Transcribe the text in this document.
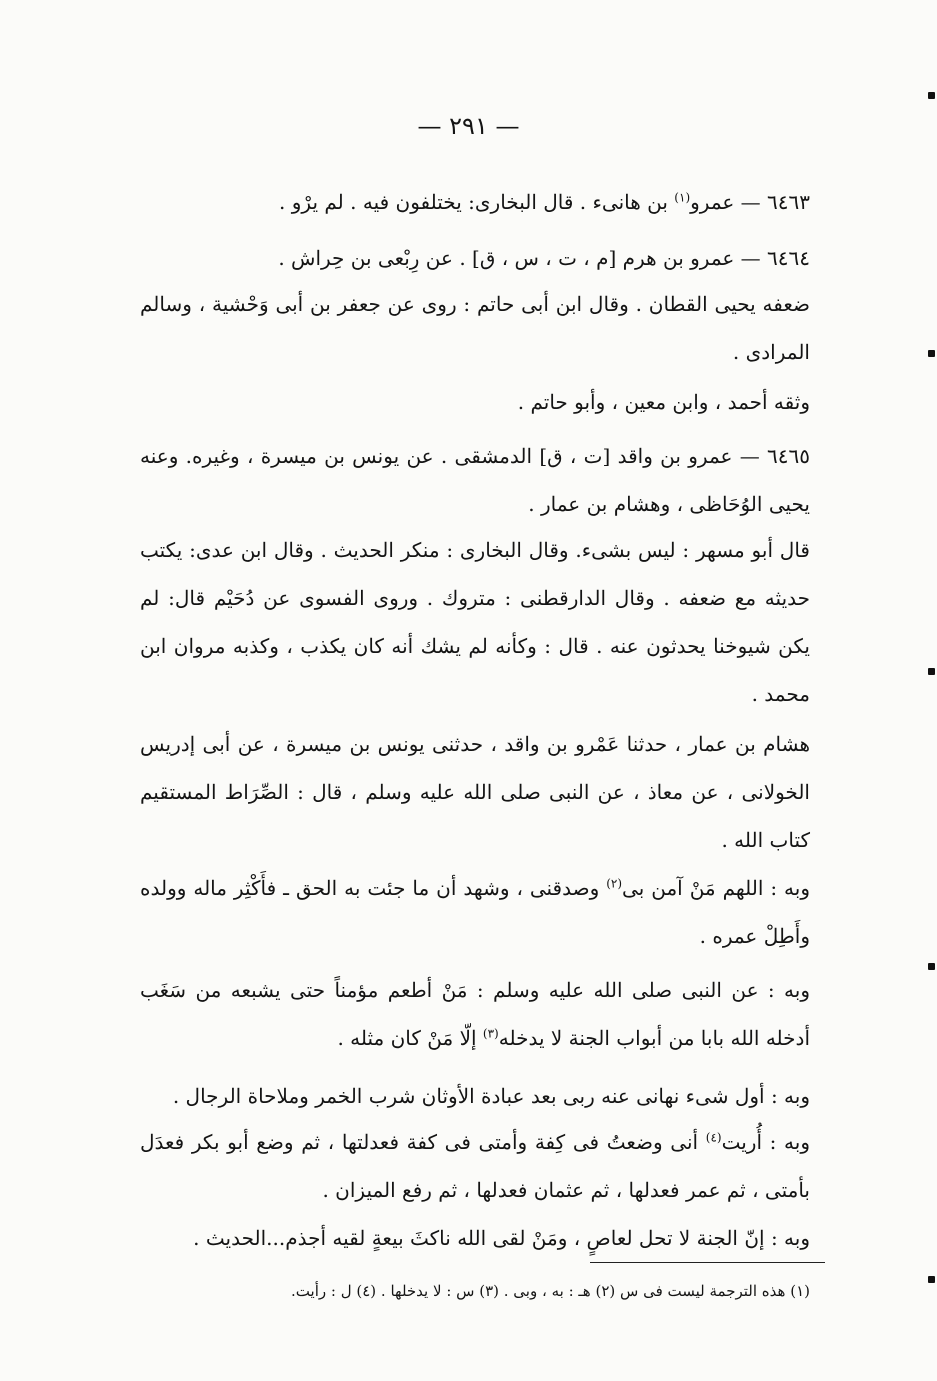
— ٢٩١ —
٦٤٦٣ — عمرو$^{(١)}$ بن هانىء . قال البخارى: يختلفون فيه . لم يرْو .
٦٤٦٤ — عمرو بن هرم [م ، ت ، س ، ق] . عن رِبْعى بن حِراش .
ضعفه يحيى القطان . وقال ابن أبى حاتم : روى عن جعفر بن أبى وَحْشية ، وسالم المرادى .
وثقه أحمد ، وابن معين ، وأبو حاتم .
٦٤٦٥ — عمرو بن واقد [ت ، ق] الدمشقى . عن يونس بن ميسرة ، وغيره. وعنه يحيى الوُحَاظى ، وهشام بن عمار .
قال أبو مسهر : ليس بشىء. وقال البخارى : منكر الحديث . وقال ابن عدى: يكتب حديثه مع ضعفه . وقال الدارقطنى : متروك . وروى الفسوى عن دُحَيْم قال: لم يكن شيوخنا يحدثون عنه . قال : وكأنه لم يشك أنه كان يكذب ، وكذبه مروان ابن محمد .
هشام بن عمار ، حدثنا عَمْرو بن واقد ، حدثنى يونس بن ميسرة ، عن أبى إدريس الخولانى ، عن معاذ ، عن النبى صلى الله عليه وسلم ، قال : الصِّرَاط المستقيم كتاب الله .
وبه : اللهم مَنْ آمن بى$^{(٢)}$ وصدقنى ، وشهد أن ما جئت به الحق ـ فأَكْثِر ماله وولده وأَطِلْ عمره .
وبه : عن النبى صلى الله عليه وسلم : مَنْ أطعم مؤمناً حتى يشبعه من سَغَب أدخله الله بابا من أبواب الجنة لا يدخله$^{(٣)}$ إلّا مَنْ كان مثله .
وبه : أول شىء نهانى عنه ربى بعد عبادة الأوثان شرب الخمر وملاحاة الرجال .
وبه : أُريت$^{(٤)}$ أنى وضعتُ فى كِفة وأمتى فى كفة فعدلتها ، ثم وضع أبو بكر فعدَل بأمتى ، ثم عمر فعدلها ، ثم عثمان فعدلها ، ثم رفع الميزان .
وبه : إنّ الجنة لا تحل لعاصٍ ، ومَنْ لقى الله ناكثَ بيعةٍ لقيه أجذم...الحديث .
(١) هذه الترجمة ليست فى س (٢) هـ : به ، وبى . (٣) س : لا يدخلها . (٤) ل : رأيت.
